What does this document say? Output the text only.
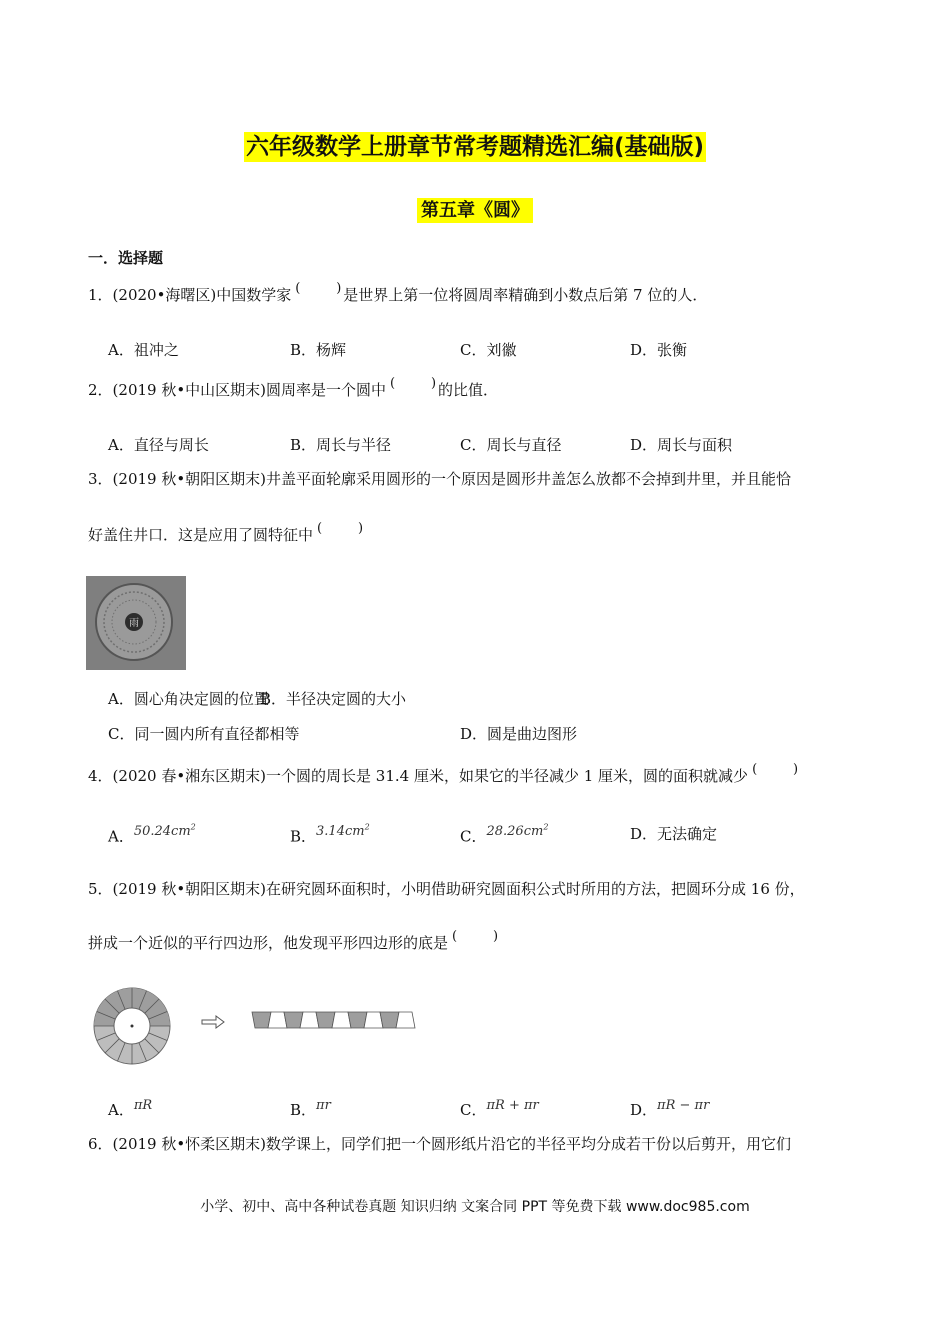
六年级数学上册章节常考题精选汇编(基础版)
第五章《圆》
一．选择题
1．(2020•海曙区)中国数学家 (	) 是世界上第一位将圆周率精确到小数点后第 7 位的人．
A．祖冲之	B．杨辉	C．刘徽	D．张衡
2．(2019 秋•中山区期末)圆周率是一个圆中 (	) 的比值．
A．直径与周长	B．周长与半径	C．周长与直径	D．周长与面积
3．(2019 秋•朝阳区期末)井盖平面轮廓采用圆形的一个原因是圆形井盖怎么放都不会掉到井里，并且能恰
好盖住井口．这是应用了圆特征中 (	)
雨
A．圆心角决定圆的位置
B．半径决定圆的大小
C．同一圆内所有直径都相等	D．圆是曲边图形
4．(2020 春•湘东区期末)一个圆的周长是 31.4 厘米，如果它的半径减少 1 厘米，圆的面积就减少 (	)
A．$50.24cm^2$	B．$3.14cm^2$	C．$28.26cm^2$	D．无法确定
5．(2019 秋•朝阳区期末)在研究圆环面积时，小明借助研究圆面积公式时所用的方法，把圆环分成 16 份，
拼成一个近似的平行四边形，他发现平形四边形的底是 (	)
A．πR	B．πr	C．πR + πr	D．πR − πr
6．(2019 秋•怀柔区期末)数学课上，同学们把一个圆形纸片沿它的半径平均分成若干份以后剪开，用它们
小学、初中、高中各种试卷真题 知识归纳 文案合同 PPT 等免费下载 www.doc985.com
